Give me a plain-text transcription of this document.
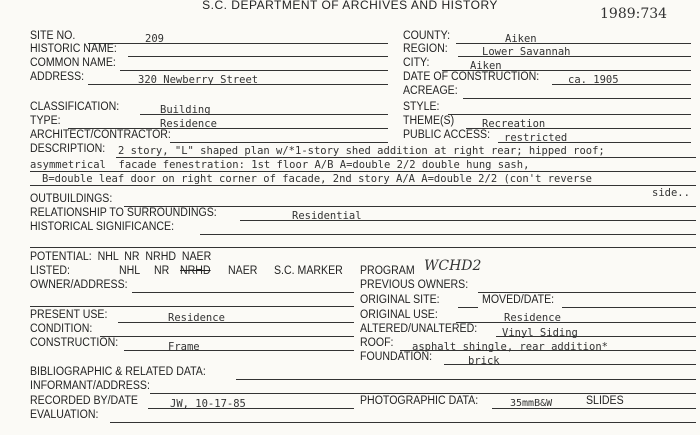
S.C. DEPARTMENT OF ARCHIVES AND HISTORY
1989:734
SITE NO.	209	COUNTY:	Aiken
HISTORIC NAME:	REGION:	Lower Savannah
COMMON NAME:	CITY:	Aiken
ADDRESS:	320 Newberry Street	DATE OF CONSTRUCTION:	ca. 1905
ACREAGE:
CLASSIFICATION:	Building	STYLE:
TYPE:	Residence	THEME(S)	Recreation
ARCHITECT/CONTRACTOR:	PUBLIC ACCESS: restricted
DESCRIPTION: 2 story, "L" shaped plan w/*1-story shed addition at right rear; hipped roof;
asymmetrical  facade fenestration: 1st floor A/B A=double 2/2 double hung sash,
B=double leaf door on right corner of facade, 2nd story A/A A=double 2/2 (con't reverse
side..
OUTBUILDINGS:
RELATIONSHIP TO SURROUNDINGS:	Residential
HISTORICAL SIGNIFICANCE:
POTENTIAL:  NHL  NR  NRHD  NAER
LISTED:	NHL NR NRHD NAER S.C. MARKER PROGRAM WCHD2
OWNER/ADDRESS:	PREVIOUS OWNERS:
ORIGINAL SITE:	MOVED/DATE:
PRESENT USE:	Residence	ORIGINAL USE:	Residence
CONDITION:	ALTERED/UNALTERED: Vinyl Siding
CONSTRUCTION:	Frame	ROOF: asphalt shingle, rear addition*
FOUNDATION:	brick
BIBLIOGRAPHIC & RELATED DATA:
INFORMANT/ADDRESS:
RECORDED BY/DATE	JW, 10-17-85	PHOTOGRAPHIC DATA:	35mmB&W	SLIDES
EVALUATION:
